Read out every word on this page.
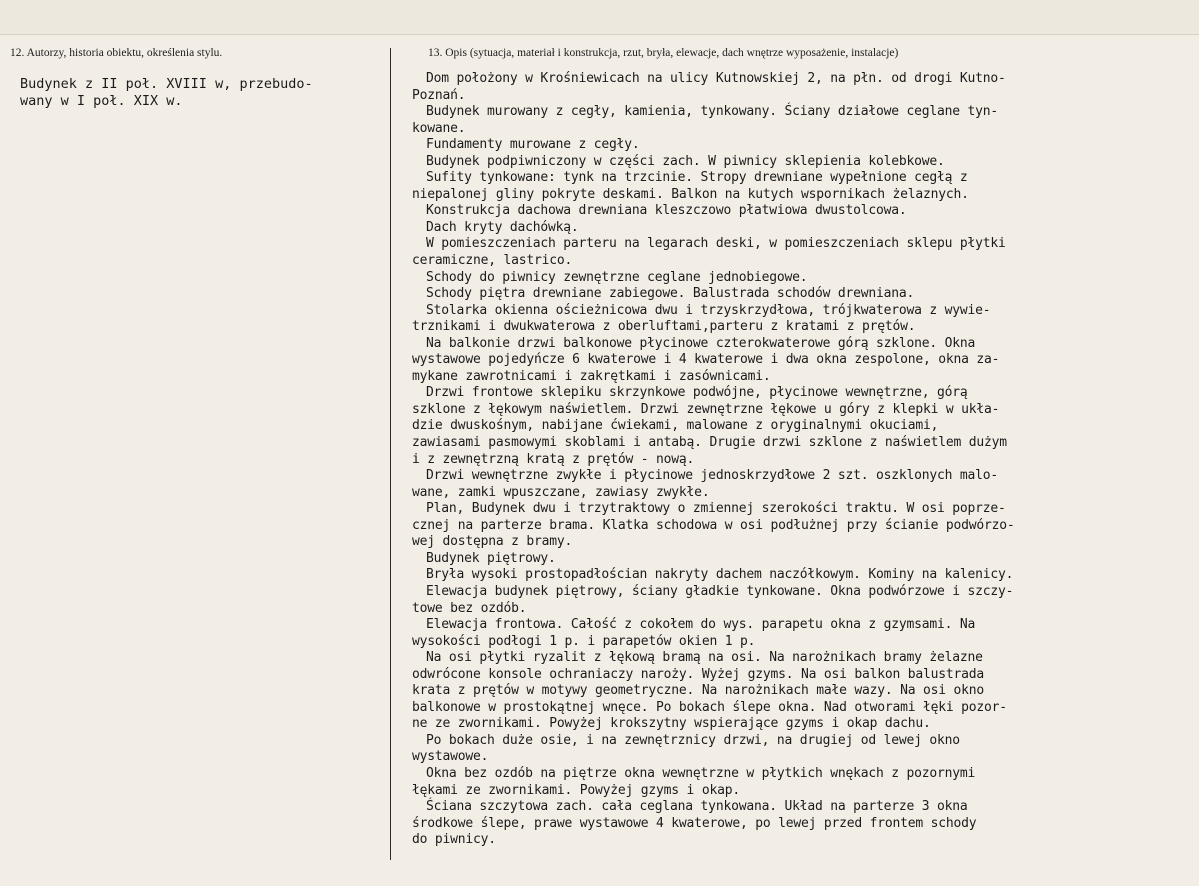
12. Autorzy, historia obiektu, określenia stylu.	13. Opis (sytuacja, materiał i konstrukcja, rzut, bryła, elewacje, dach wnętrze wyposażenie, instalacje)
Budynek z II poł. XVIII w, przebudo-
wany w I poł. XIX w.
Dom położony w Krośniewicach na ulicy Kutnowskiej 2, na płn. od drogi Kutno-
Poznań.
Budynek murowany z cegły, kamienia, tynkowany. Ściany działowe ceglane tyn-
kowane.
Fundamenty murowane z cegły.
Budynek podpiwniczony w części zach. W piwnicy sklepienia kolebkowe.
Sufity tynkowane: tynk na trzcinie. Stropy drewniane wypełnione cegłą z
niepalonej gliny pokryte deskami. Balkon na kutych wspornikach żelaznych.
Konstrukcja dachowa drewniana kleszczowo płatwiowa dwustolcowa.
Dach kryty dachówką.
W pomieszczeniach parteru na legarach deski, w pomieszczeniach sklepu płytki
ceramiczne, lastrico.
Schody do piwnicy zewnętrzne ceglane jednobiegowe.
Schody piętra drewniane zabiegowe. Balustrada schodów drewniana.
Stolarka okienna ościeżnicowa dwu i trzyskrzydłowa, trójkwaterowa z wywie-
trznikami i dwukwaterowa z oberluftami,parteru z kratami z prętów.
Na balkonie drzwi balkonowe płycinowe czterokwaterowe górą szklone. Okna
wystawowe pojedyńcze 6 kwaterowe i 4 kwaterowe i dwa okna zespolone, okna za-
mykane zawrotnicami i zakrętkami i zasównicami.
Drzwi frontowe sklepiku skrzynkowe podwójne, płycinowe wewnętrzne, górą
szklone z łękowym naświetlem. Drzwi zewnętrzne łękowe u góry z klepki w ukła-
dzie dwuskośnym, nabijane ćwiekami, malowane z oryginalnymi okuciami,
zawiasami pasmowymi skoblami i antabą. Drugie drzwi szklone z naświetlem dużym
i z zewnętrzną kratą z prętów - nową.
Drzwi wewnętrzne zwykłe i płycinowe jednoskrzydłowe 2 szt. oszklonych malo-
wane, zamki wpuszczane, zawiasy zwykłe.
Plan, Budynek dwu i trzytraktowy o zmiennej szerokości traktu. W osi poprze-
cznej na parterze brama. Klatka schodowa w osi podłużnej przy ścianie podwórzo-
wej dostępna z bramy.
Budynek piętrowy.
Bryła wysoki prostopadłościan nakryty dachem naczółkowym. Kominy na kalenicy.
Elewacja budynek piętrowy, ściany gładkie tynkowane. Okna podwórzowe i szczy-
towe bez ozdób.
Elewacja frontowa. Całość z cokołem do wys. parapetu okna z gzymsami. Na
wysokości podłogi 1 p. i parapetów okien 1 p.
Na osi płytki ryzalit z łękową bramą na osi. Na narożnikach bramy żelazne
odwrócone konsole ochraniaczy naroży. Wyżej gzyms. Na osi balkon balustrada
krata z prętów w motywy geometryczne. Na narożnikach małe wazy. Na osi okno
balkonowe w prostokątnej wnęce. Po bokach ślepe okna. Nad otworami łęki pozor-
ne ze zwornikami. Powyżej krokszytny wspierające gzyms i okap dachu.
Po bokach duże osie, i na zewnętrznicy drzwi, na drugiej od lewej okno
wystawowe.
Okna bez ozdób na piętrze okna wewnętrzne w płytkich wnękach z pozornymi
łękami ze zwornikami. Powyżej gzyms i okap.
Ściana szczytowa zach. cała ceglana tynkowana. Układ na parterze 3 okna
środkowe ślepe, prawe wystawowe 4 kwaterowe, po lewej przed frontem schody
do piwnicy.
